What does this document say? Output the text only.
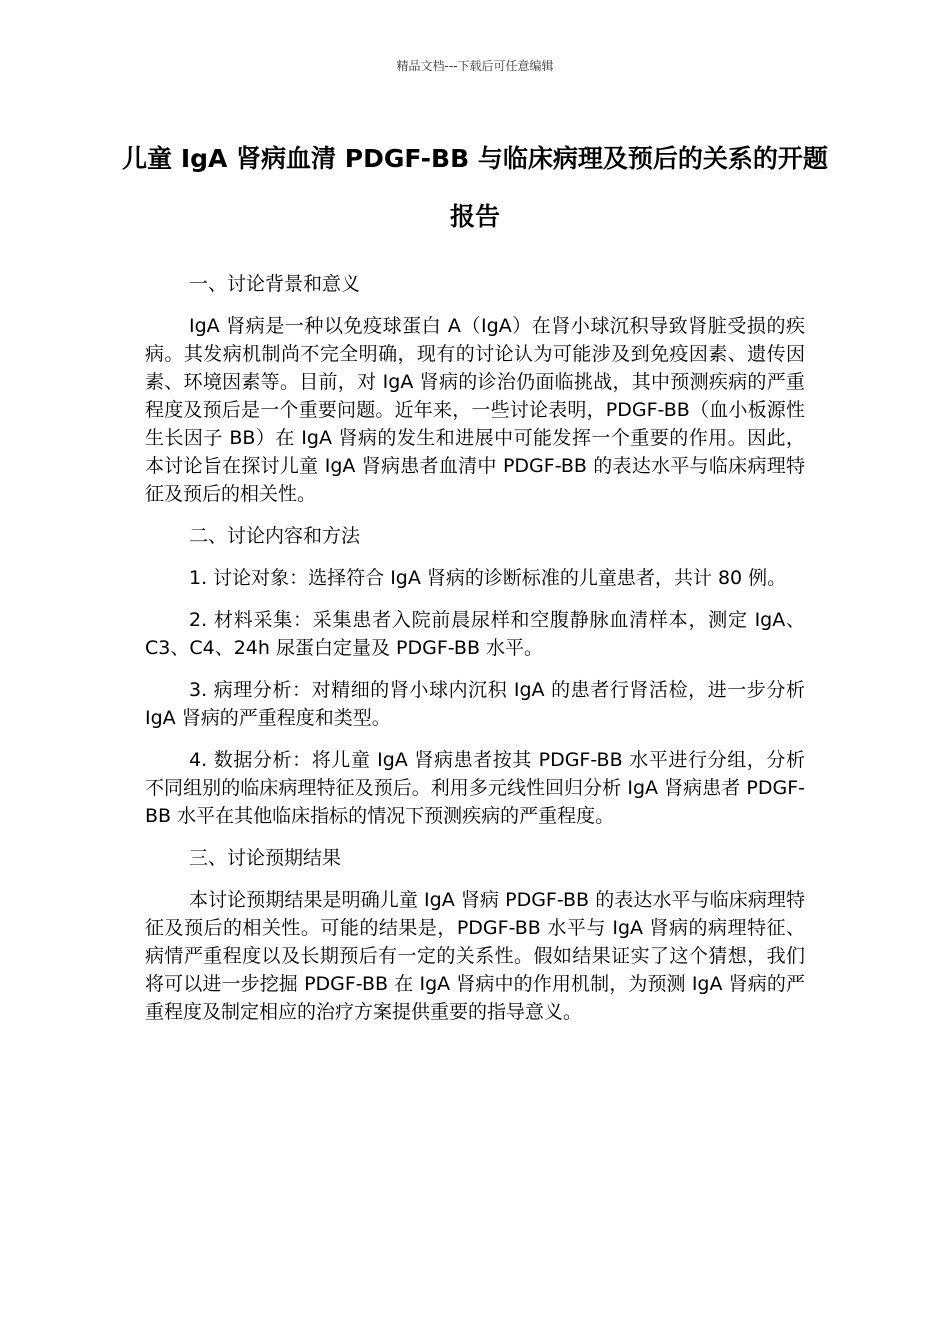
精品文档---下载后可任意编辑
儿童 IgA 肾病血清 PDGF-BB 与临床病理及预后的关系的开题报告

一、讨论背景和意义

IgA 肾病是一种以免疫球蛋白 A（IgA）在肾小球沉积导致肾脏受损的疾病。其发病机制尚不完全明确，现有的讨论认为可能涉及到免疫因素、遗传因素、环境因素等。目前，对 IgA 肾病的诊治仍面临挑战，其中预测疾病的严重程度及预后是一个重要问题。近年来，一些讨论表明，PDGF-BB（血小板源性生长因子 BB）在 IgA 肾病的发生和进展中可能发挥一个重要的作用。因此，本讨论旨在探讨儿童 IgA 肾病患者血清中 PDGF-BB 的表达水平与临床病理特征及预后的相关性。

二、讨论内容和方法

1. 讨论对象：选择符合 IgA 肾病的诊断标准的儿童患者，共计 80 例。

2. 材料采集：采集患者入院前晨尿样和空腹静脉血清样本，测定 IgA、C3、C4、24h 尿蛋白定量及 PDGF-BB 水平。

3. 病理分析：对精细的肾小球内沉积 IgA 的患者行肾活检，进一步分析 IgA 肾病的严重程度和类型。

4. 数据分析：将儿童 IgA 肾病患者按其 PDGF-BB 水平进行分组，分析不同组别的临床病理特征及预后。利用多元线性回归分析 IgA 肾病患者 PDGF-BB 水平在其他临床指标的情况下预测疾病的严重程度。

三、讨论预期结果

本讨论预期结果是明确儿童 IgA 肾病 PDGF-BB 的表达水平与临床病理特征及预后的相关性。可能的结果是，PDGF-BB 水平与 IgA 肾病的病理特征、病情严重程度以及长期预后有一定的关系性。假如结果证实了这个猜想，我们将可以进一步挖掘 PDGF-BB 在 IgA 肾病中的作用机制，为预测 IgA 肾病的严重程度及制定相应的治疗方案提供重要的指导意义。
